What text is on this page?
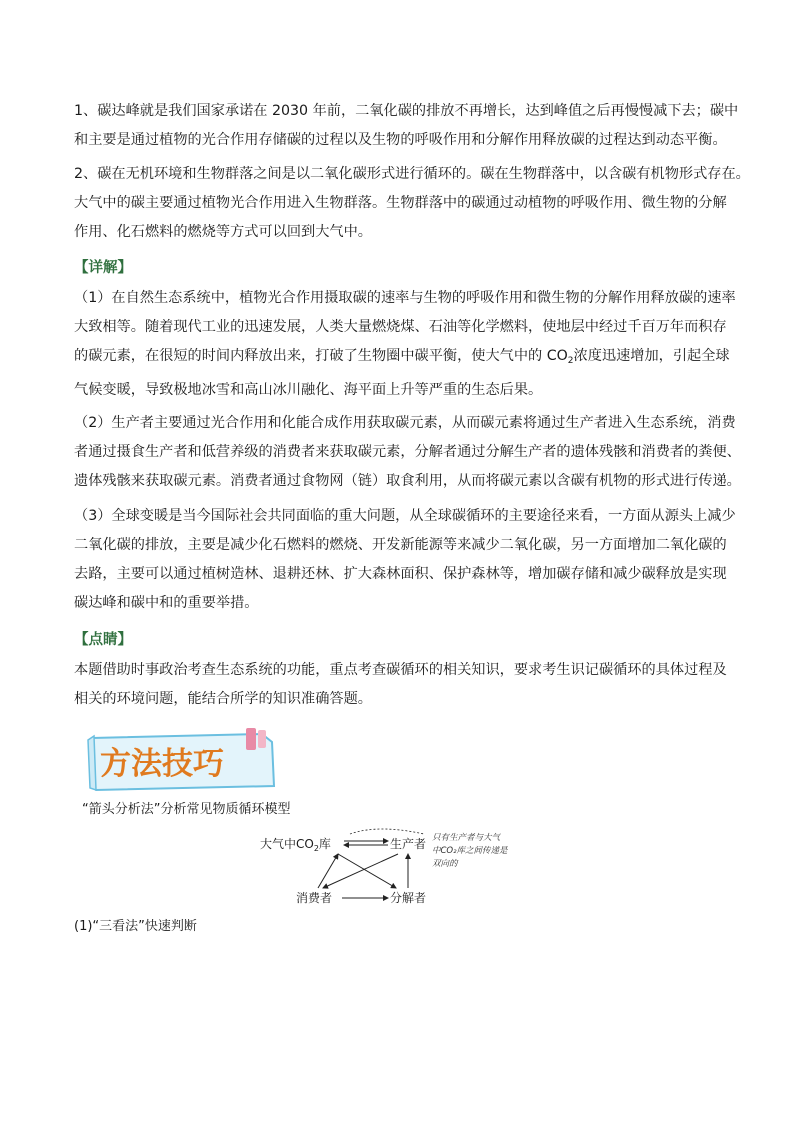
1、碳达峰就是我们国家承诺在 2030 年前，二氧化碳的排放不再增长，达到峰值之后再慢慢减下去；碳中
和主要是通过植物的光合作用存储碳的过程以及生物的呼吸作用和分解作用释放碳的过程达到动态平衡。
2、碳在无机环境和生物群落之间是以二氧化碳形式进行循环的。碳在生物群落中，以含碳有机物形式存在。
大气中的碳主要通过植物光合作用进入生物群落。生物群落中的碳通过动植物的呼吸作用、微生物的分解
作用、化石燃料的燃烧等方式可以回到大气中。
【详解】
（1）在自然生态系统中，植物光合作用摄取碳的速率与生物的呼吸作用和微生物的分解作用释放碳的速率
大致相等。随着现代工业的迅速发展，人类大量燃烧煤、石油等化学燃料，使地层中经过千百万年而积存
的碳元素，在很短的时间内释放出来，打破了生物圈中碳平衡，使大气中的 $CO_2$浓度迅速增加，引起全球
气候变暖，导致极地冰雪和高山冰川融化、海平面上升等严重的生态后果。
（2）生产者主要通过光合作用和化能合成作用获取碳元素，从而碳元素将通过生产者进入生态系统，消费
者通过摄食生产者和低营养级的消费者来获取碳元素，分解者通过分解生产者的遗体残骸和消费者的粪便、
遗体残骸来获取碳元素。消费者通过食物网（链）取食利用，从而将碳元素以含碳有机物的形式进行传递。
（3）全球变暖是当今国际社会共同面临的重大问题，从全球碳循环的主要途径来看，一方面从源头上减少
二氧化碳的排放，主要是减少化石燃料的燃烧、开发新能源等来减少二氧化碳，另一方面增加二氧化碳的
去路，主要可以通过植树造林、退耕还林、扩大森林面积、保护森林等，增加碳存储和减少碳释放是实现
碳达峰和碳中和的重要举措。
【点睛】
本题借助时事政治考查生态系统的功能，重点考查碳循环的相关知识，要求考生识记碳循环的具体过程及
相关的环境问题，能结合所学的知识准确答题。
方法技巧
“箭头分析法”分析常见物质循环模型
大气中$CO_2$库	生产者
消费者	分解者
只有生产者与大气
中CO₂库之间传递是
双向的
(1)“三看法”快速判断
